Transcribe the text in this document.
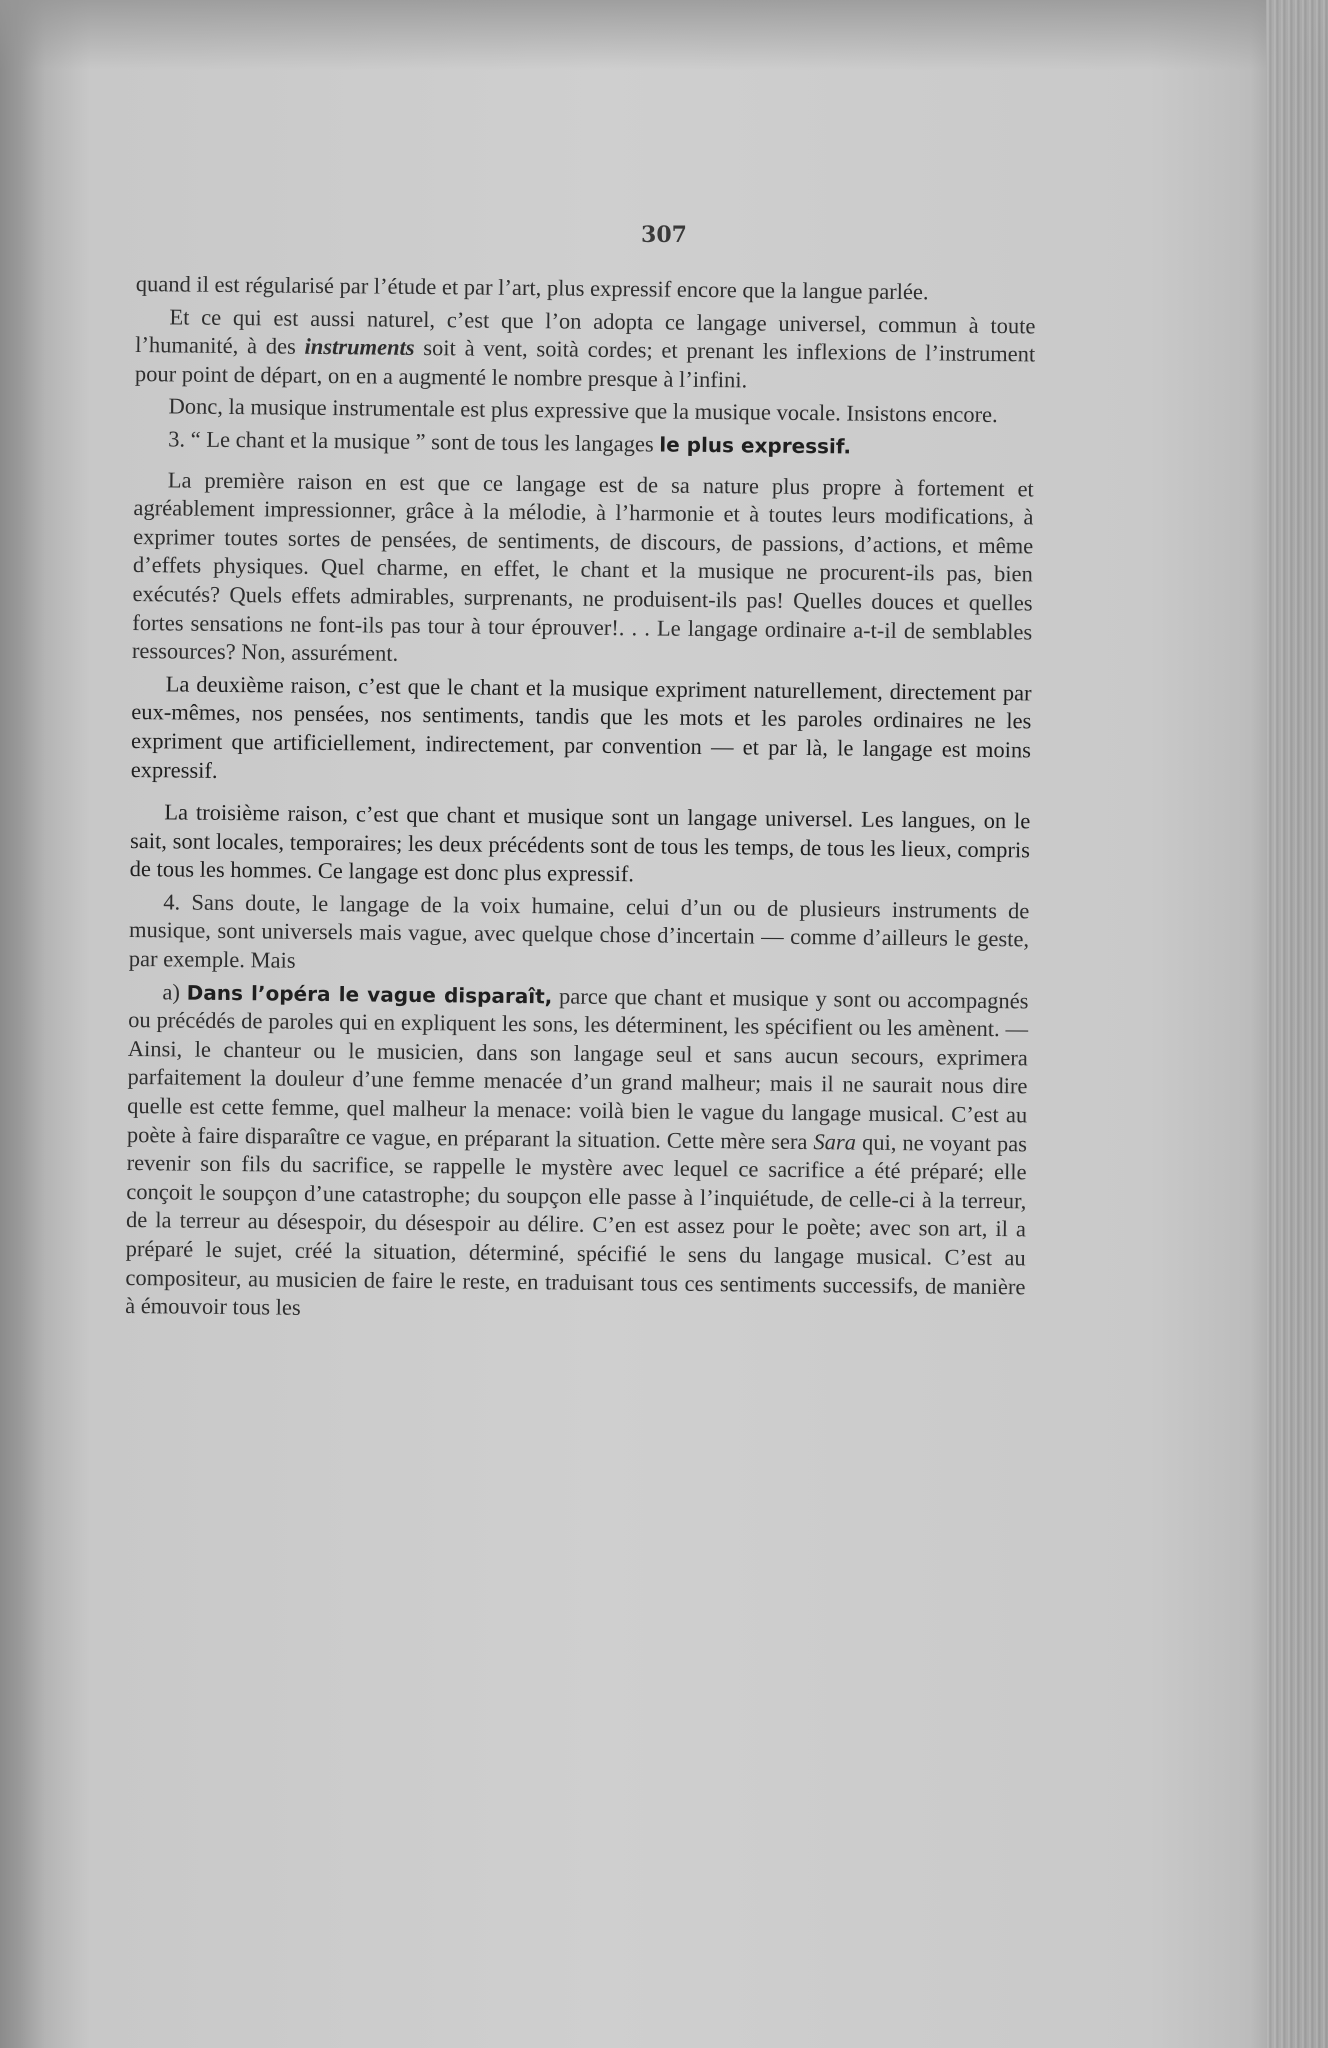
307

quand il est régularisé par l’étude et par l’art, plus expressif encore que la langue parlée.

Et ce qui est aussi naturel, c’est que l’on adopta ce langage universel, commun à toute l’humanité, à des instruments soit à vent, soità cordes; et prenant les inflexions de l’instrument pour point de départ, on en a augmenté le nombre presque à l’infini.

Donc, la musique instrumentale est plus expressive que la musique vocale. Insistons encore.

3. “ Le chant et la musique ” sont de tous les langages le plus expressif.

La première raison en est que ce langage est de sa nature plus propre à fortement et agréablement impressionner, grâce à la mélodie, à l’harmonie et à toutes leurs modifications, à exprimer toutes sortes de pensées, de sentiments, de discours, de passions, d’actions, et même d’effets physiques. Quel charme, en effet, le chant et la musique ne procurent-ils pas, bien exécutés? Quels effets admirables, surprenants, ne produisent-ils pas! Quelles douces et quelles fortes sensations ne font-ils pas tour à tour éprouver!. . . Le langage ordinaire a-t-il de semblables ressources? Non, assurément.

La deuxième raison, c’est que le chant et la musique expriment naturellement, directement par eux-mêmes, nos pensées, nos sentiments, tandis que les mots et les paroles ordinaires ne les expriment que artificiellement, indirectement, par convention — et par là, le langage est moins expressif.

La troisième raison, c’est que chant et musique sont un langage universel. Les langues, on le sait, sont locales, temporaires; les deux précédents sont de tous les temps, de tous les lieux, compris de tous les hommes. Ce langage est donc plus expressif.

4. Sans doute, le langage de la voix humaine, celui d’un ou de plusieurs instruments de musique, sont universels mais vague, avec quelque chose d’incertain — comme d’ailleurs le geste, par exemple. Mais

a) Dans l’opéra le vague disparaît, parce que chant et musique y sont ou accompagnés ou précédés de paroles qui en expliquent les sons, les déterminent, les spécifient ou les amènent. — Ainsi, le chanteur ou le musicien, dans son langage seul et sans aucun secours, exprimera parfaitement la douleur d’une femme menacée d’un grand malheur; mais il ne saurait nous dire quelle est cette femme, quel malheur la menace: voilà bien le vague du langage musical. C’est au poète à faire disparaître ce vague, en préparant la situation. Cette mère sera Sara qui, ne voyant pas revenir son fils du sacrifice, se rappelle le mystère avec lequel ce sacrifice a été préparé; elle conçoit le soupçon d’une catastrophe; du soupçon elle passe à l’inquiétude, de celle-ci à la terreur, de la terreur au désespoir, du désespoir au délire. C’en est assez pour le poète; avec son art, il a préparé le sujet, créé la situation, déterminé, spécifié le sens du langage musical. C’est au compositeur, au musicien de faire le reste, en traduisant tous ces sentiments successifs, de manière à émouvoir tous les
